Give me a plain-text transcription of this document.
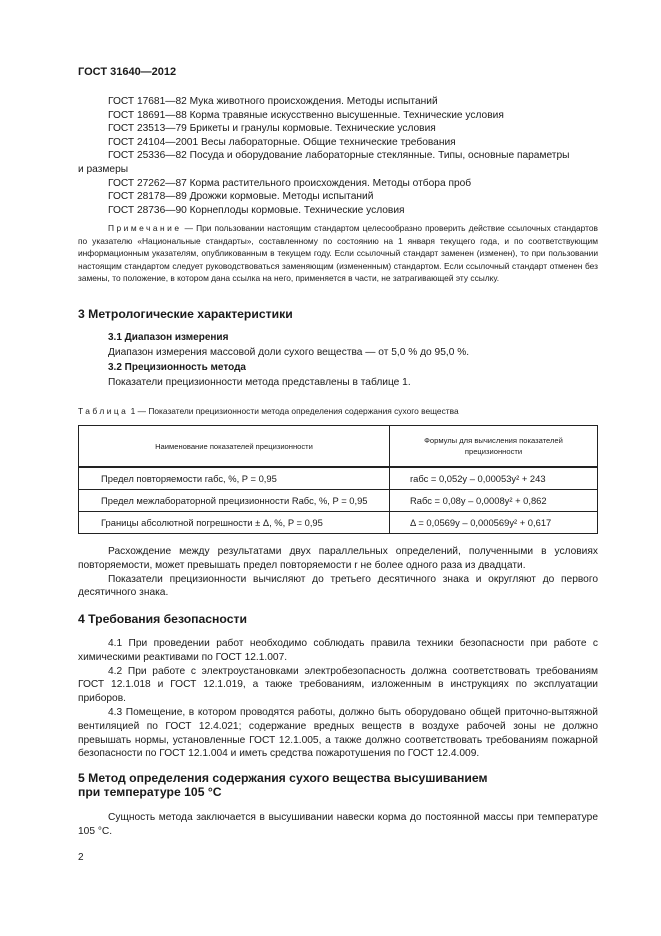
ГОСТ 31640—2012
ГОСТ 17681—82 Мука животного происхождения. Методы испытаний
ГОСТ 18691—88 Корма травяные искусственно высушенные. Технические условия
ГОСТ 23513—79 Брикеты и гранулы кормовые. Технические условия
ГОСТ 24104—2001 Весы лабораторные. Общие технические требования
ГОСТ 25336—82 Посуда и оборудование лабораторные стеклянные. Типы, основные параметры
и размеры
ГОСТ 27262—87 Корма растительного происхождения. Методы отбора проб
ГОСТ 28178—89 Дрожжи кормовые. Методы испытаний
ГОСТ 28736—90 Корнеплоды кормовые. Технические условия
Примечание — При пользовании настоящим стандартом целесообразно проверить действие ссылочных стандартов по указателю «Национальные стандарты», составленному по состоянию на 1 января текущего года, и по соответствующим информационным указателям, опубликованным в текущем году. Если ссылочный стандарт заменен (изменен), то при пользовании настоящим стандартом следует руководствоваться заменяющим (измененным) стандартом. Если ссылочный стандарт отменен без замены, то положение, в котором дана ссылка на него, применяется в части, не затрагивающей эту ссылку.
3 Метрологические характеристики

3.1 Диапазон измерения

Диапазон измерения массовой доли сухого вещества — от 5,0 % до 95,0 %.

3.2 Прецизионность метода

Показатели прецизионности метода представлены в таблице 1.

Таблица 1 — Показатели прецизионности метода определения содержания сухого вещества
Наименование показателей прецизионности	Формулы для вычисления показателей прецизионности
Предел повторяемости rабс, %, P = 0,95	rабс = 0,052y – 0,00053y² + 243
Предел межлабораторной прецизионности Rабс, %, P = 0,95	Rабс = 0,08y – 0,0008y² + 0,862
Границы абсолютной погрешности ± Δ, %, P = 0,95	Δ = 0,0569y – 0,000569y² + 0,617

Расхождение между результатами двух параллельных определений, полученными в условиях повторяемости, может превышать предел повторяемости r не более одного раза из двадцати.

Показатели прецизионности вычисляют до третьего десятичного знака и округляют до первого десятичного знака.

4 Требования безопасности

4.1 При проведении работ необходимо соблюдать правила техники безопасности при работе с химическими реактивами по ГОСТ 12.1.007.

4.2 При работе с электроустановками электробезопасность должна соответствовать требованиям ГОСТ 12.1.018 и ГОСТ 12.1.019, а также требованиям, изложенным в инструкциях по эксплуатации приборов.

4.3 Помещение, в котором проводятся работы, должно быть оборудовано общей приточно-вытяжной вентиляцией по ГОСТ 12.4.021; содержание вредных веществ в воздухе рабочей зоны не должно превышать нормы, установленные ГОСТ 12.1.005, а также должно соответствовать требованиям пожарной безопасности по ГОСТ 12.1.004 и иметь средства пожаротушения по ГОСТ 12.4.009.

5 Метод определения содержания сухого вещества высушиванием
при температуре 105 °С

Сущность метода заключается в высушивании навески корма до постоянной массы при температуре 105 °С.

2
